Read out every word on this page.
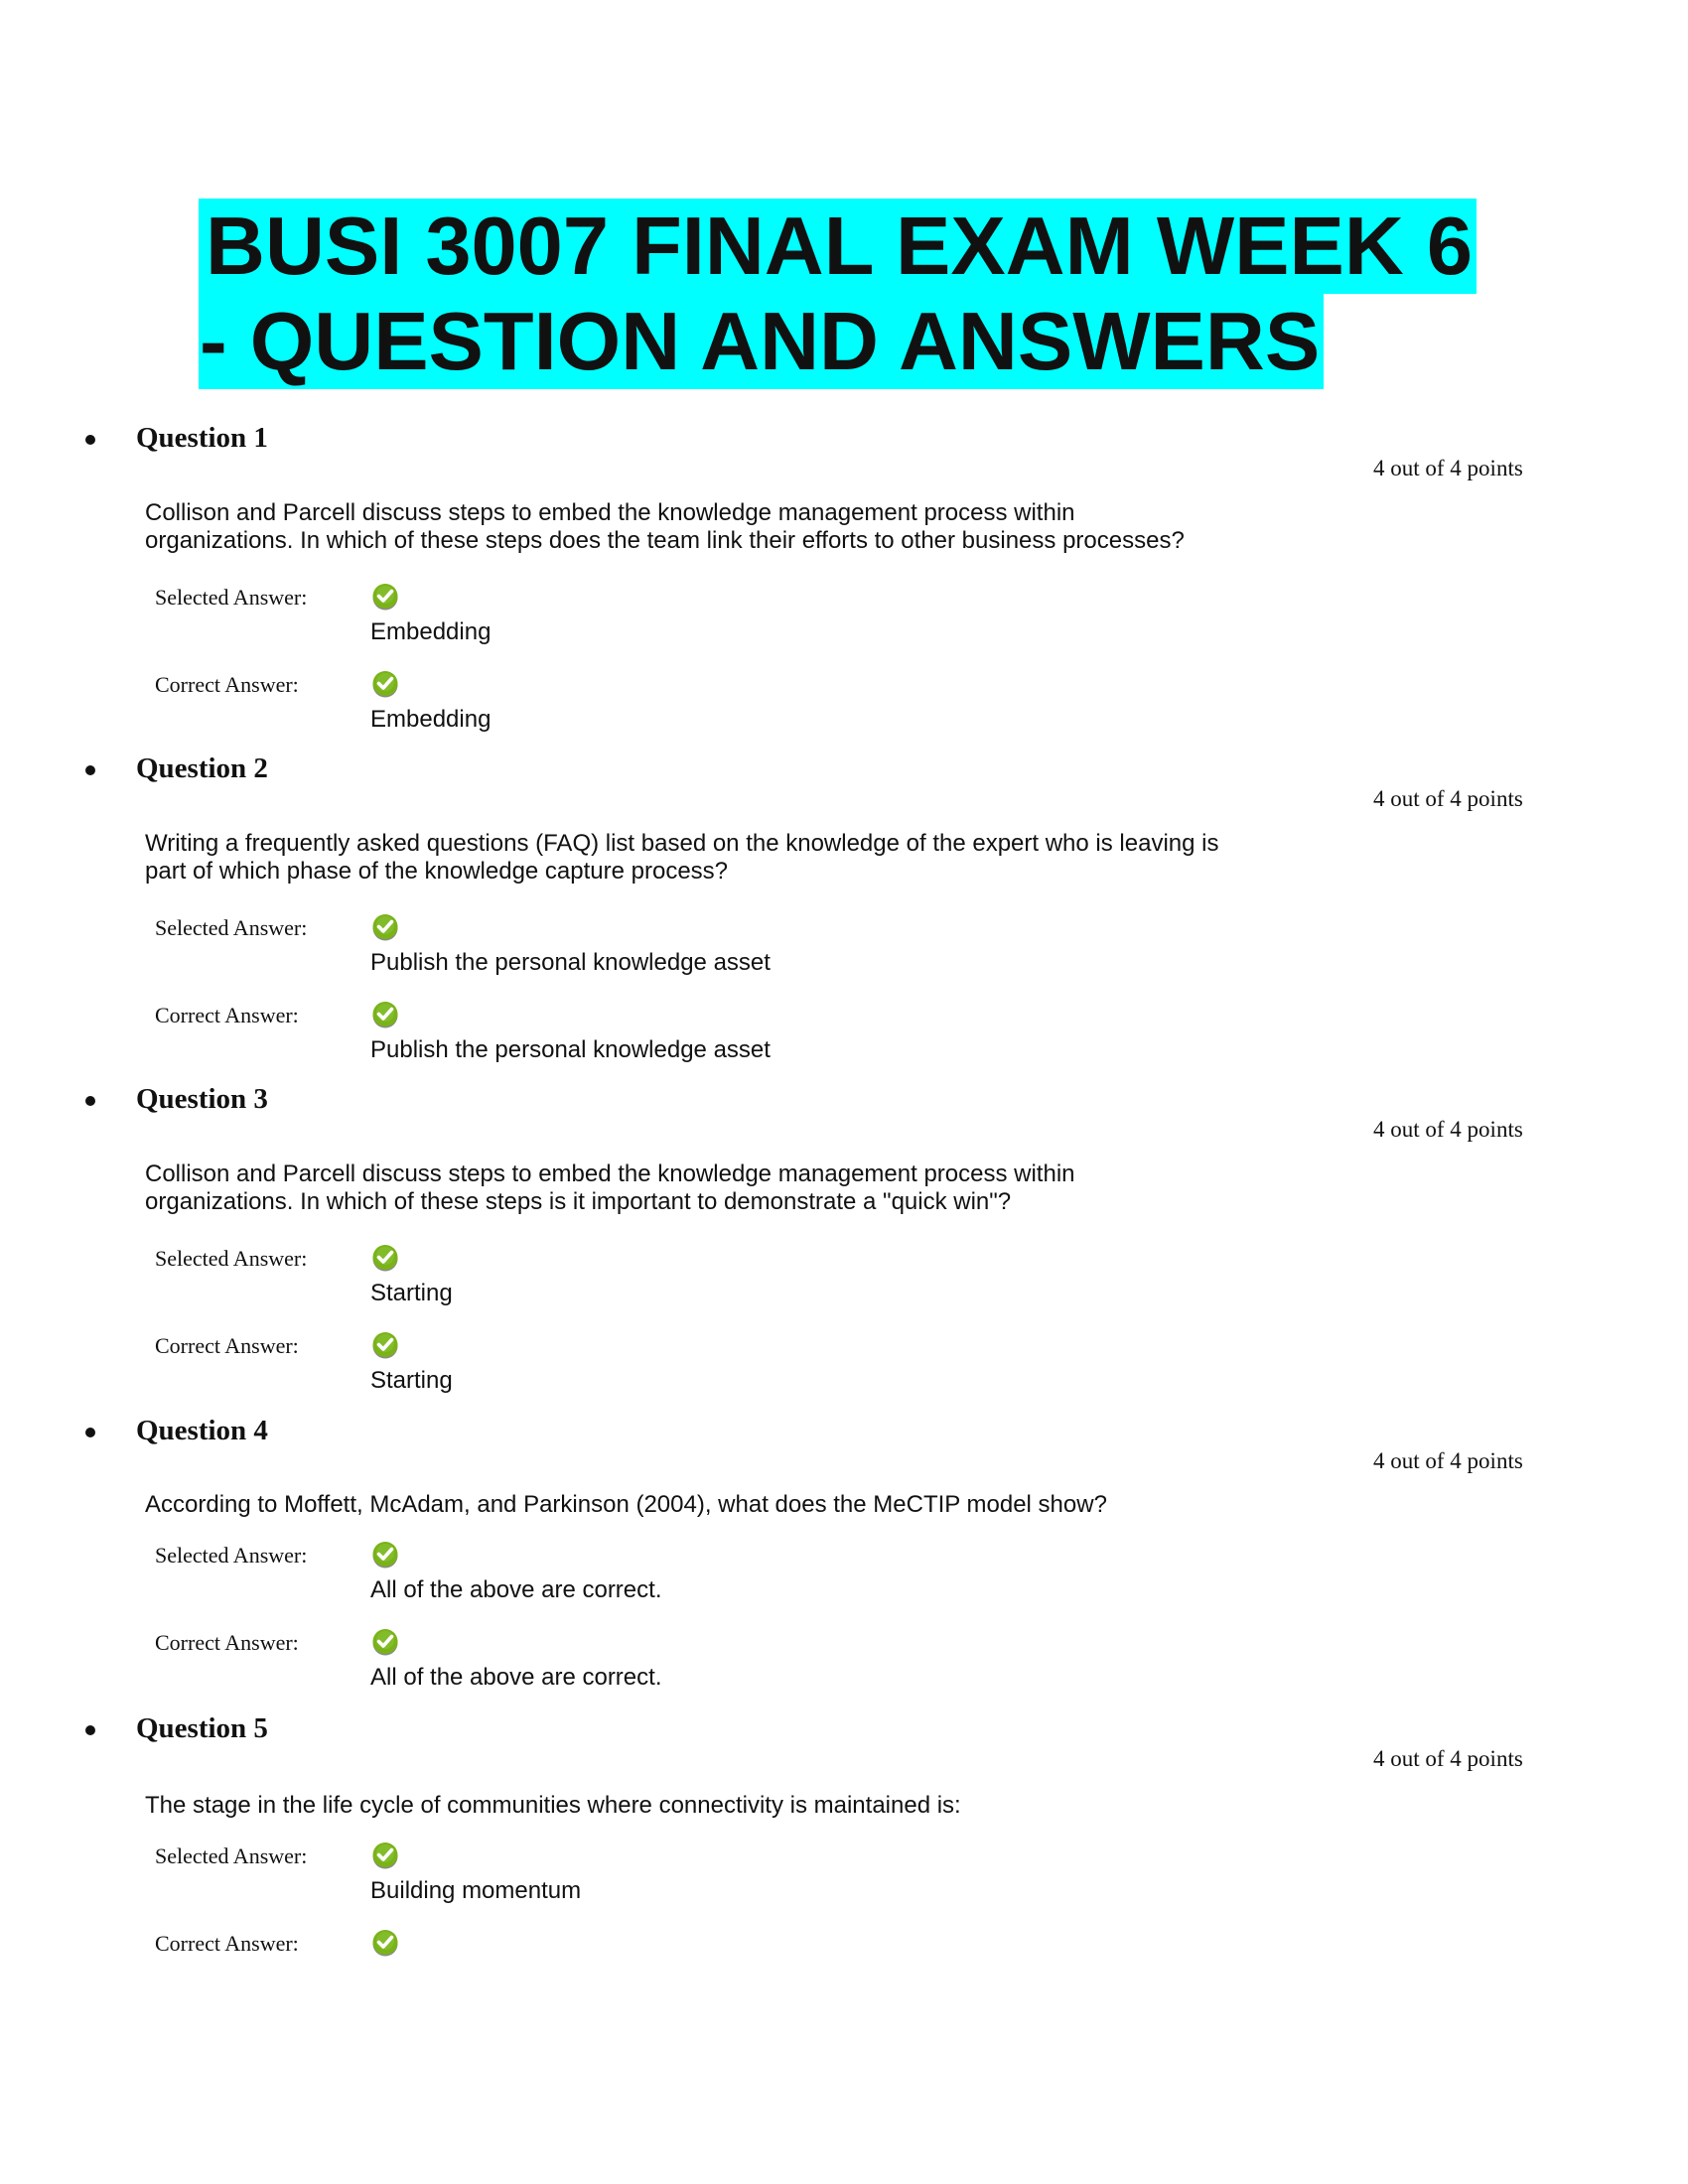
BUSI 3007 FINAL EXAM WEEK 6
- QUESTION AND ANSWERS
Question 1
4 out of 4 points
Collison and Parcell discuss steps to embed the knowledge management process within
organizations. In which of these steps does the team link their efforts to other business processes?
Selected Answer:
Embedding
Correct Answer:
Embedding
Question 2
4 out of 4 points
Writing a frequently asked questions (FAQ) list based on the knowledge of the expert who is leaving is
part of which phase of the knowledge capture process?
Selected Answer:
Publish the personal knowledge asset
Correct Answer:
Publish the personal knowledge asset
Question 3
4 out of 4 points
Collison and Parcell discuss steps to embed the knowledge management process within
organizations. In which of these steps is it important to demonstrate a "quick win"?
Selected Answer:
Starting
Correct Answer:
Starting
Question 4
4 out of 4 points
According to Moffett, McAdam, and Parkinson (2004), what does the MeCTIP model show?
Selected Answer:
All of the above are correct.
Correct Answer:
All of the above are correct.
Question 5
4 out of 4 points
The stage in the life cycle of communities where connectivity is maintained is:
Selected Answer:
Building momentum
Correct Answer:
